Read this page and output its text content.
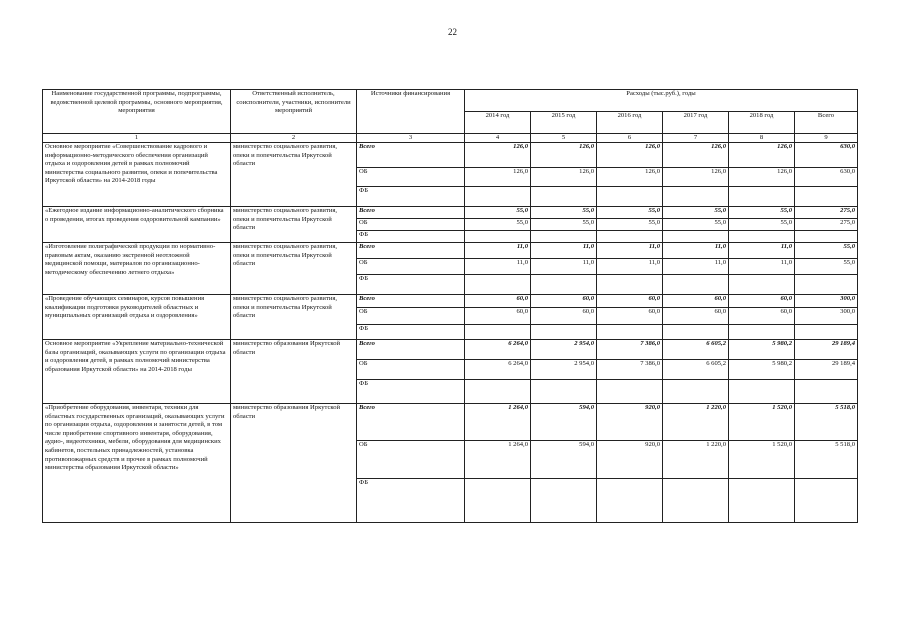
22
Наименование государственной программы, подпрограммы, ведомственной целевой программы, основного мероприятия, мероприятия	Ответственный исполнитель, соисполнители, участники, исполнители мероприятий	Источники финансирования	Расходы (тыс.руб.), годы					
			2014 год	2015 год	2016 год	2017 год	2018 год	Всего
1	2	3	4	5	6	7	8	9
Основное мероприятие «Совершенствование кадрового и информационно-методического обеспечения организаций отдыха и оздоровления детей в рамках полномочий министерства социального развития, опеки и попечительства Иркутской области» на 2014-2018 годы	министерство социального развития, опеки и попечительства Иркутской области	Всего	126,0	126,0	126,0	126,0	126,0	630,0
		ОБ	126,0	126,0	126,0	126,0	126,0	630,0
		ФБ						
«Ежегодное издание информационно-аналитического сборника о проведении, итогах проведения оздоровительной кампании»	министерство социального развития, опеки и попечительства Иркутской области	Всего	55,0	55,0	55,0	55,0	55,0	275,0
		ОБ	55,0	55,0	55,0	55,0	55,0	275,0
		ФБ						
«Изготовление полиграфической продукции по нормативно-правовым актам, оказанию экстренной неотложной медицинской помощи, материалов по организационно-методическому обеспечению летнего отдыха»	министерство социального развития, опеки и попечительства Иркутской области	Всего	11,0	11,0	11,0	11,0	11,0	55,0
		ОБ	11,0	11,0	11,0	11,0	11,0	55,0
		ФБ						
«Проведение обучающих семинаров, курсов повышения квалификации подготовки руководителей областных и муниципальных организаций отдыха и оздоровления»	министерство социального развития, опеки и попечительства Иркутской области	Всего	60,0	60,0	60,0	60,0	60,0	300,0
		ОБ	60,0	60,0	60,0	60,0	60,0	300,0
		ФБ						
Основное мероприятие «Укрепление материально-технической базы организаций, оказывающих услуги по организации отдыха и оздоровления детей, в рамках полномочий министерства образования Иркутской области» на 2014-2018 годы	министерство образования Иркутской области	Всего	6 264,0	2 954,0	7 386,0	6 605,2	5 980,2	29 189,4
		ОБ	6 264,0	2 954,0	7 386,0	6 605,2	5 980,2	29 189,4
		ФБ						
«Приобретение оборудования, инвентаря, техники для областных государственных организаций, оказывающих услуги по организации отдыха, оздоровления и занятости детей, в том числе приобретение спортивного инвентаря, оборудования, аудио-, видеотехники, мебели, оборудования для медицинских кабинетов, постельных принадлежностей, установка противопожарных средств и прочее в рамках полномочий министерства образования Иркутской области»	министерство образования Иркутской области	Всего	1 264,0	594,0	920,0	1 220,0	1 520,0	5 518,0
		ОБ	1 264,0	594,0	920,0	1 220,0	1 520,0	5 518,0
		ФБ						
